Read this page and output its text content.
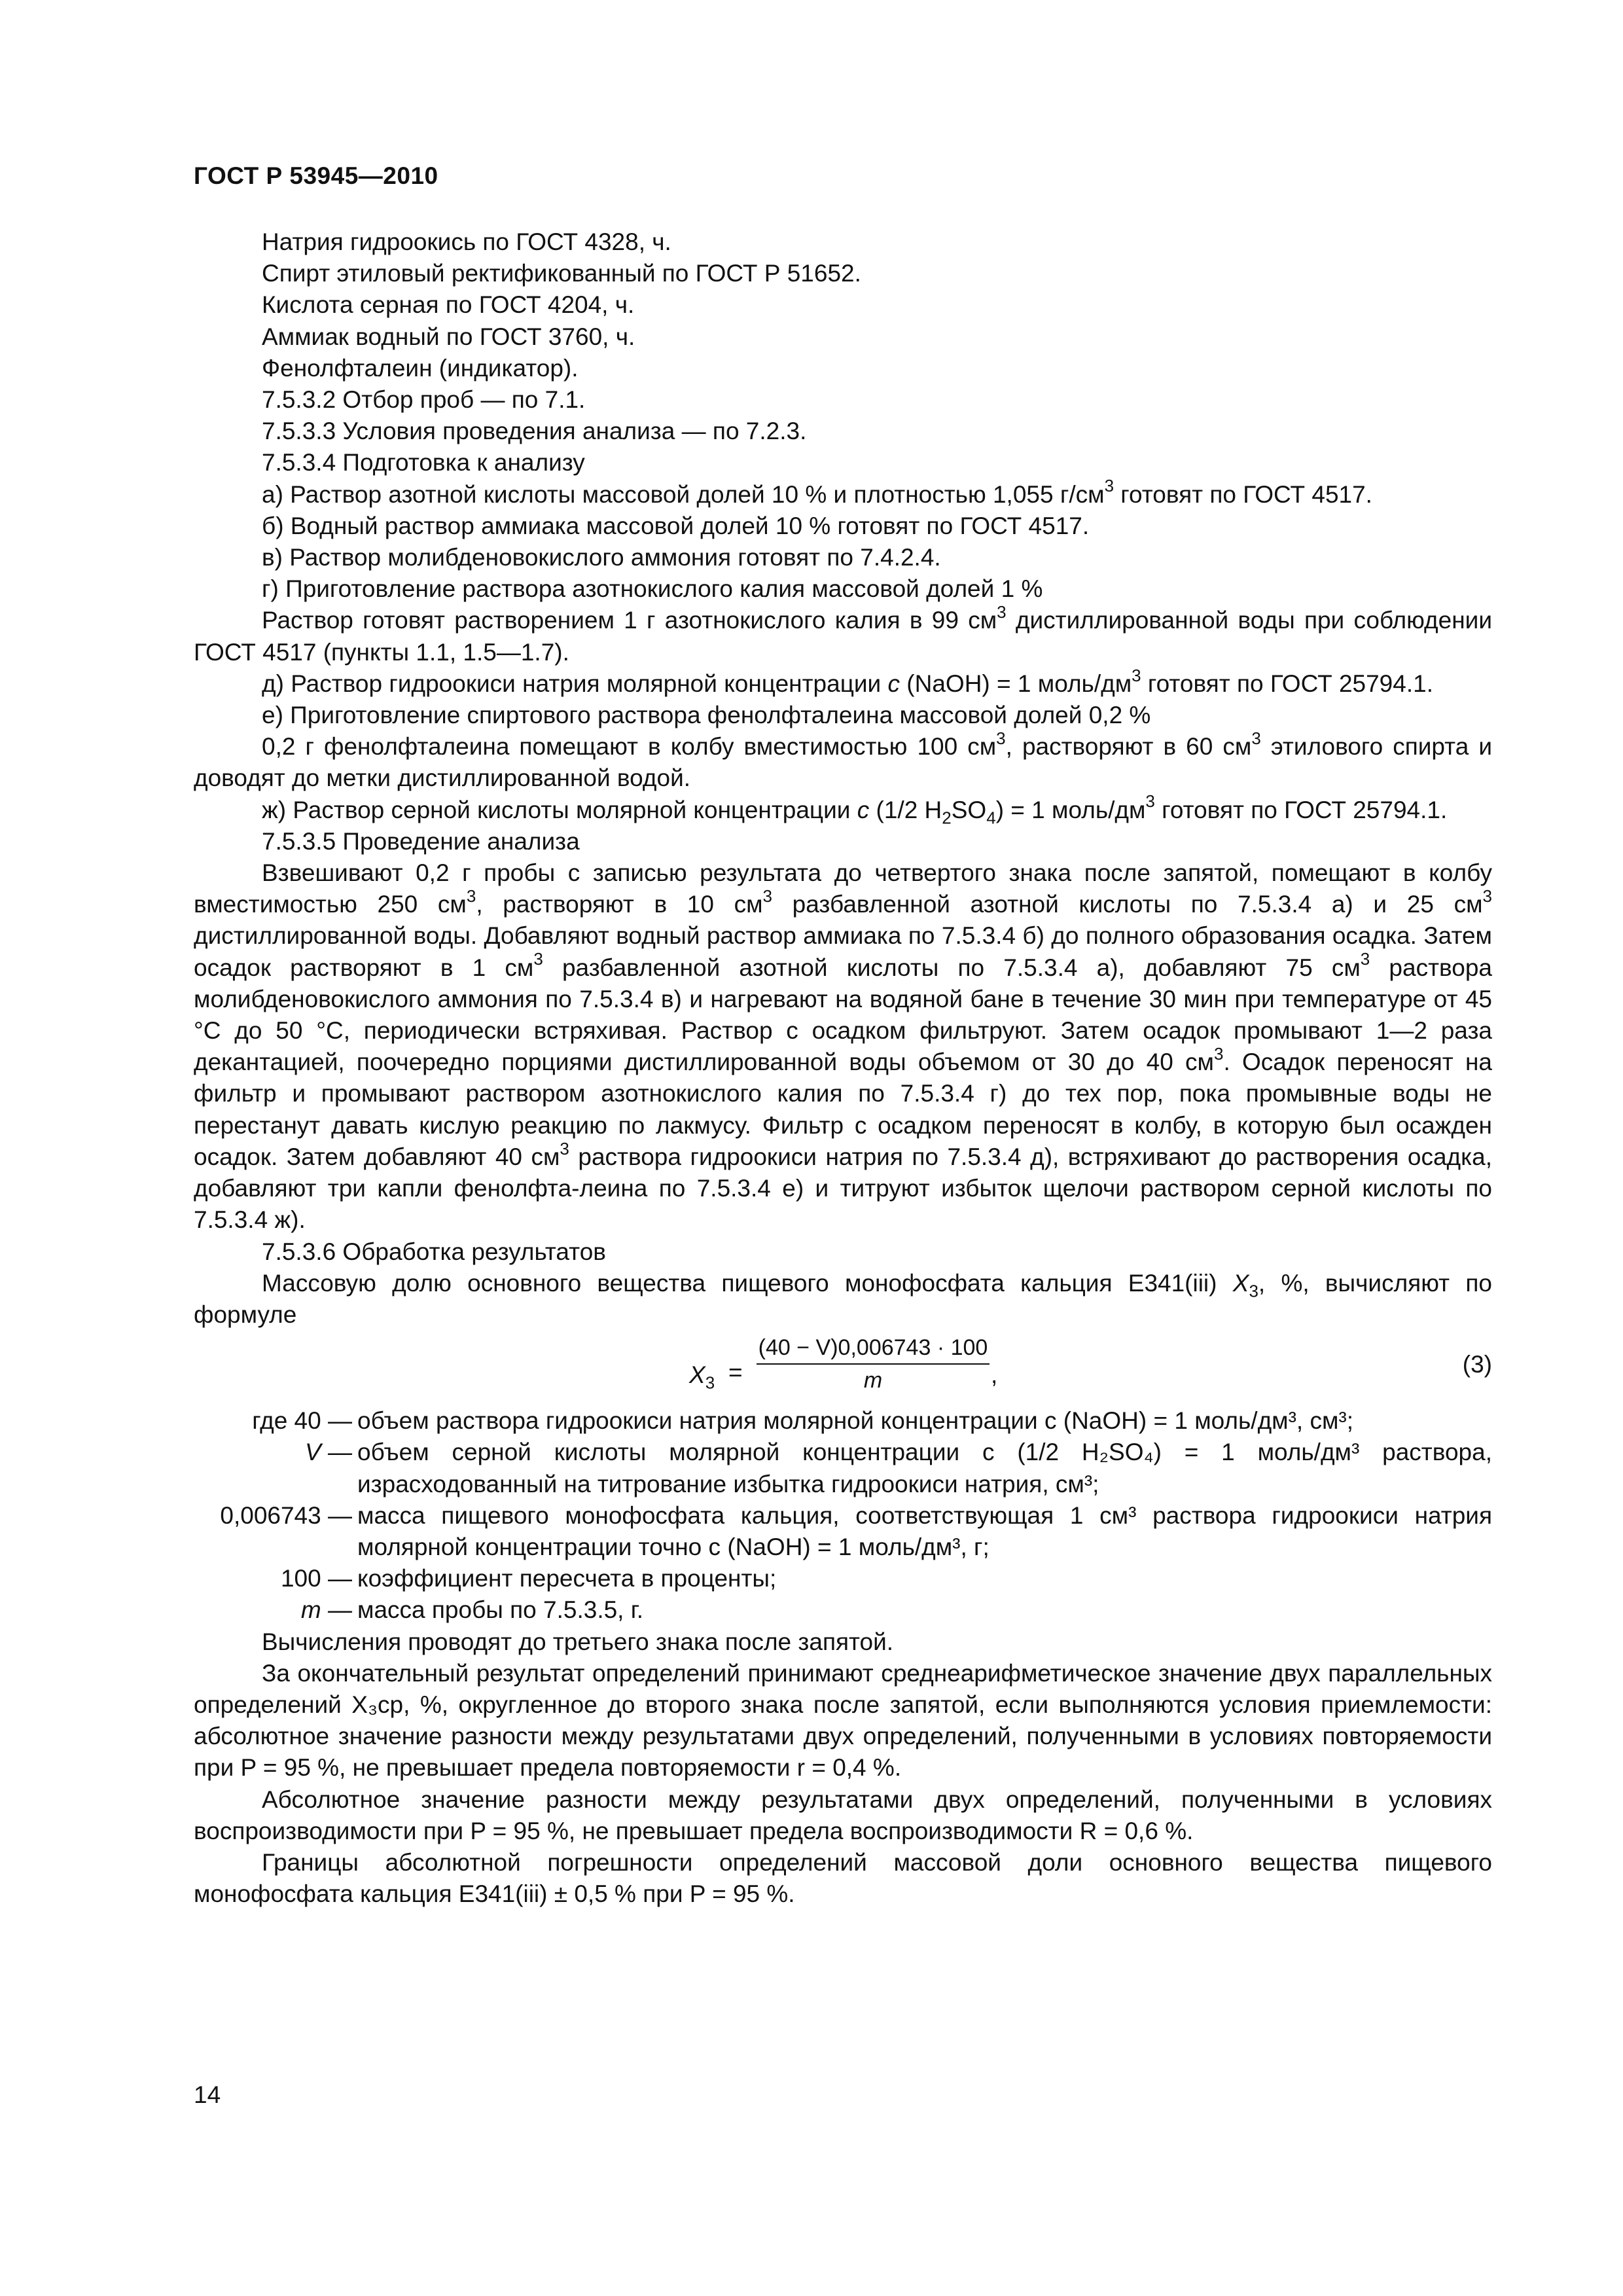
ГОСТ Р 53945—2010

Натрия гидроокись по ГОСТ 4328, ч.

Спирт этиловый ректификованный по ГОСТ Р 51652.

Кислота серная по ГОСТ 4204, ч.

Аммиак водный по ГОСТ 3760, ч.

Фенолфталеин (индикатор).

7.5.3.2 Отбор проб — по 7.1.

7.5.3.3 Условия проведения анализа — по 7.2.3.

7.5.3.4 Подготовка к анализу

а) Раствор азотной кислоты массовой долей 10 % и плотностью 1,055 $г/см^3$ готовят по ГОСТ 4517.

б) Водный раствор аммиака массовой долей 10 % готовят по ГОСТ 4517.

в) Раствор молибденовокислого аммония готовят по 7.4.2.4.

г) Приготовление раствора азотнокислого калия массовой долей 1 %

Раствор готовят растворением 1 г азотнокислого калия в 99 $см^3$ дистиллированной воды при соблюдении ГОСТ 4517 (пункты 1.1, 1.5—1.7).

д) Раствор гидроокиси натрия молярной концентрации c (NaOH) = 1 моль/$дм^3$ готовят по ГОСТ 25794.1.

е) Приготовление спиртового раствора фенолфталеина массовой долей 0,2 %

0,2 г фенолфталеина помещают в колбу вместимостью 100 $см^3$, растворяют в 60 $см^3$ этилового спирта и доводят до метки дистиллированной водой.

ж) Раствор серной кислоты молярной концентрации c (1/2 $H_2SO_4) = 1$ моль/$дм^3$ готовят по ГОСТ 25794.1.

7.5.3.5 Проведение анализа

Взвешивают 0,2 г пробы с записью результата до четвертого знака после запятой, помещают в колбу вместимостью 250 $см^3$, растворяют в 10 $см^3$ разбавленной азотной кислоты по 7.5.3.4 а) и 25 $см^3$ дистиллированной воды. Добавляют водный раствор аммиака по 7.5.3.4 б) до полного образования осадка. Затем осадок растворяют в 1 $см^3$ разбавленной азотной кислоты по 7.5.3.4 а), добавляют 75 $см^3$ раствора молибденовокислого аммония по 7.5.3.4 в) и нагревают на водяной бане в течение 30 мин при температуре от 45 °С до 50 °С, периодически встряхивая. Раствор с осадком фильтруют. Затем осадок промывают 1—2 раза декантацией, поочередно порциями дистиллированной воды объемом от 30 до 40 $см^3$. Осадок переносят на фильтр и промывают раствором азотнокислого калия по 7.5.3.4 г) до тех пор, пока промывные воды не перестанут давать кислую реакцию по лакмусу. Фильтр с осадком переносят в колбу, в которую был осажден осадок. Затем добавляют 40 $см^3$ раствора гидроокиси натрия по 7.5.3.4 д), встряхивают до растворения осадка, добавляют три капли фенолфта-леина по 7.5.3.4 е) и титруют избыток щелочи раствором серной кислоты по 7.5.3.4 ж).

7.5.3.6 Обработка результатов

Массовую долю основного вещества пищевого монофосфата кальция Е341(iii) $X_3$, %, вычисляют по формуле

$X_3 = \frac{(40 - V)0,006743 \cdot 100}{m}$ ,	(3)
где 40 — объем раствора гидроокиси натрия молярной концентрации c (NaOH) = 1 моль/дм³, см³;
V — объем серной кислоты молярной концентрации c (1/2 H₂SO₄) = 1 моль/дм³ раствора, израсходованный на титрование избытка гидроокиси натрия, см³;
0,006743 — масса пищевого монофосфата кальция, соответствующая 1 см³ раствора гидроокиси натрия молярной концентрации точно c (NaOH) = 1 моль/дм³, г;
100 — коэффициент пересчета в проценты;
m — масса пробы по 7.5.3.5, г.

Вычисления проводят до третьего знака после запятой.

За окончательный результат определений принимают среднеарифметическое значение двух параллельных определений X₃ср, %, округленное до второго знака после запятой, если выполняются условия приемлемости: абсолютное значение разности между результатами двух определений, полученными в условиях повторяемости при P = 95 %, не превышает предела повторяемости r = 0,4 %.

Абсолютное значение разности между результатами двух определений, полученными в условиях воспроизводимости при P = 95 %, не превышает предела воспроизводимости R = 0,6 %.

Границы абсолютной погрешности определений массовой доли основного вещества пищевого монофосфата кальция Е341(iii) ± 0,5 % при P = 95 %.

14
